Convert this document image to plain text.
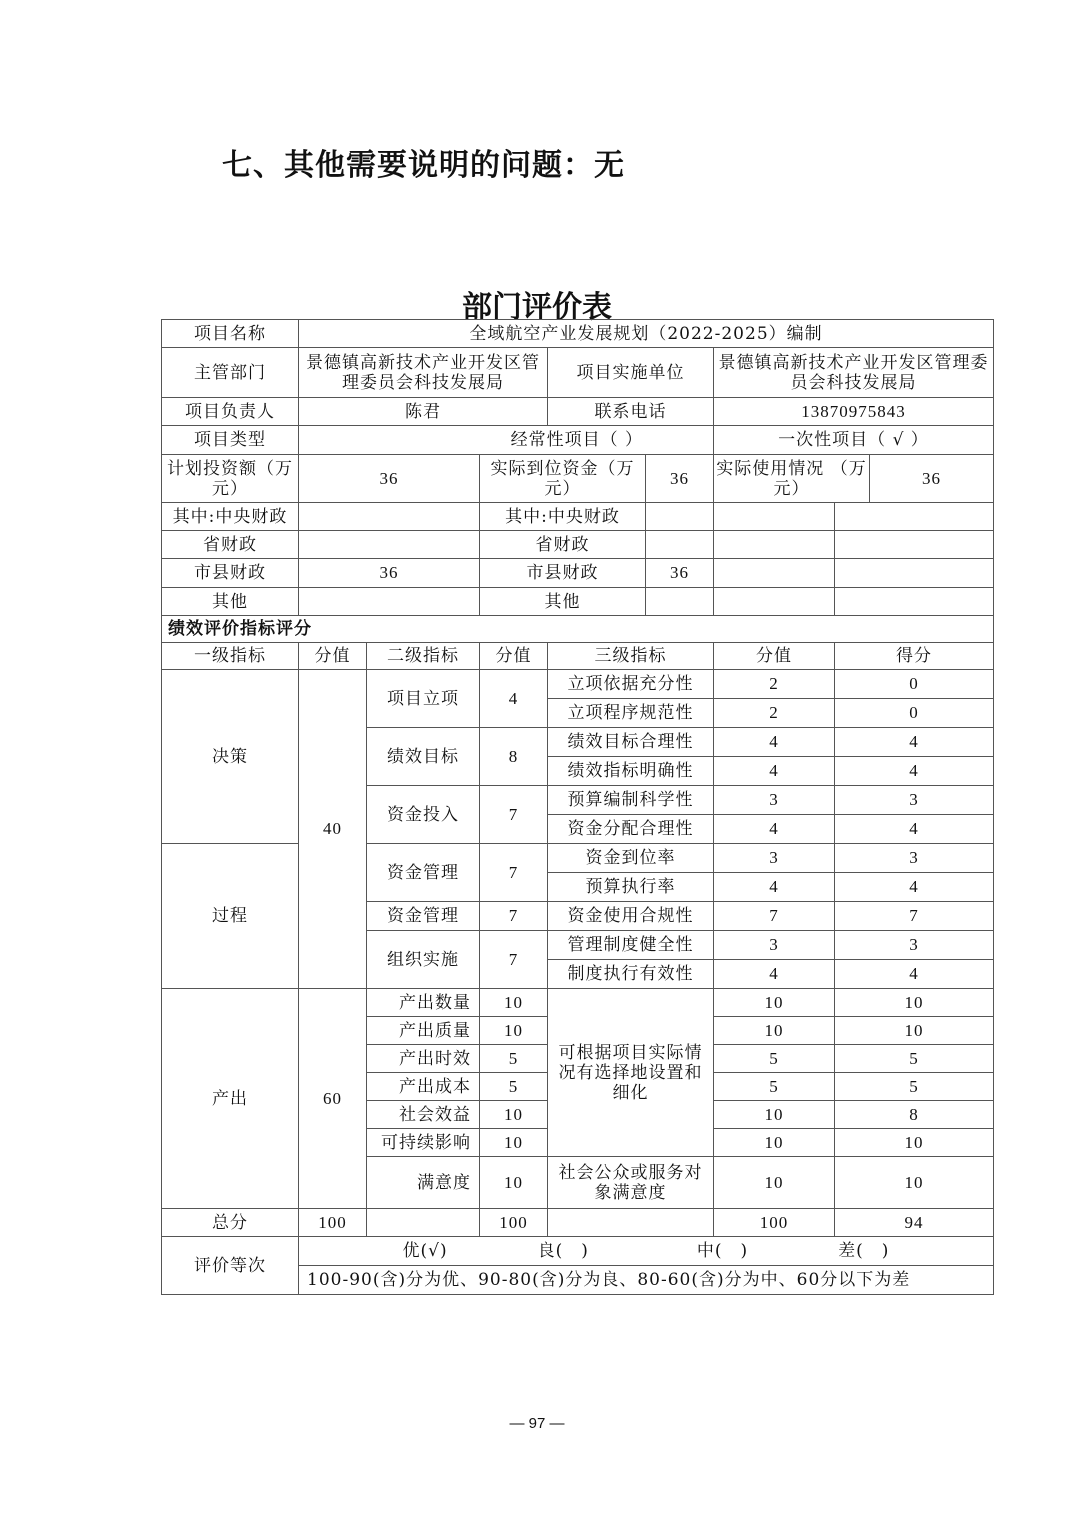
七、其他需要说明的问题：无
部门评价表
项目名称	全域航空产业发展规划（2022-2025）编制							
主管部门	景德镇高新技术产业开发区管理委员会科技发展局			项目实施单位		景德镇高新技术产业开发区管理委员会科技发展局		
项目负责人	陈君			联系电话		13870975843		
项目类型	经常性项目（ ）					一次性项目（ √ ）		
计划投资额（万元）	36		实际到位资金（万元）		36	实际使用情况 （万元）		36
其中:中央财政			其中:中央财政					
省财政			省财政					
市县财政	36		市县财政		36			
其他			其他					
绩效评价指标评分								
一级指标	分值	二级指标	分值	三级指标		分值	得分	
决策	40	项目立项	4	立项依据充分性		2	0	
				立项程序规范性		2	0	
		绩效目标	8	绩效目标合理性		4	4	
				绩效指标明确性		4	4	
		资金投入	7	预算编制科学性		3	3	
				资金分配合理性		4	4	
过程		资金管理	7	资金到位率		3	3	
				预算执行率		4	4	
		资金管理	7	资金使用合规性		7	7	
		组织实施	7	管理制度健全性		3	3	
				制度执行有效性		4	4	
产出	60	产出数量	10	可根据项目实际情况有选择地设置和细化		10	10	
		产出质量	10			10	10	
		产出时效	5			5	5	
		产出成本	5			5	5	
		社会效益	10			10	8	
		可持续影响	10			10	10	
		满意度	10	社会公众或服务对象满意度		10	10	
总分	100		100			100	94	
评价等次	优(√)　　　　　良(　)　　　　　　中(　)　　　　　差(　)							
	100-90(含)分为优、90-80(含)分为良、80-60(含)分为中、60分以下为差							
— 97 —
